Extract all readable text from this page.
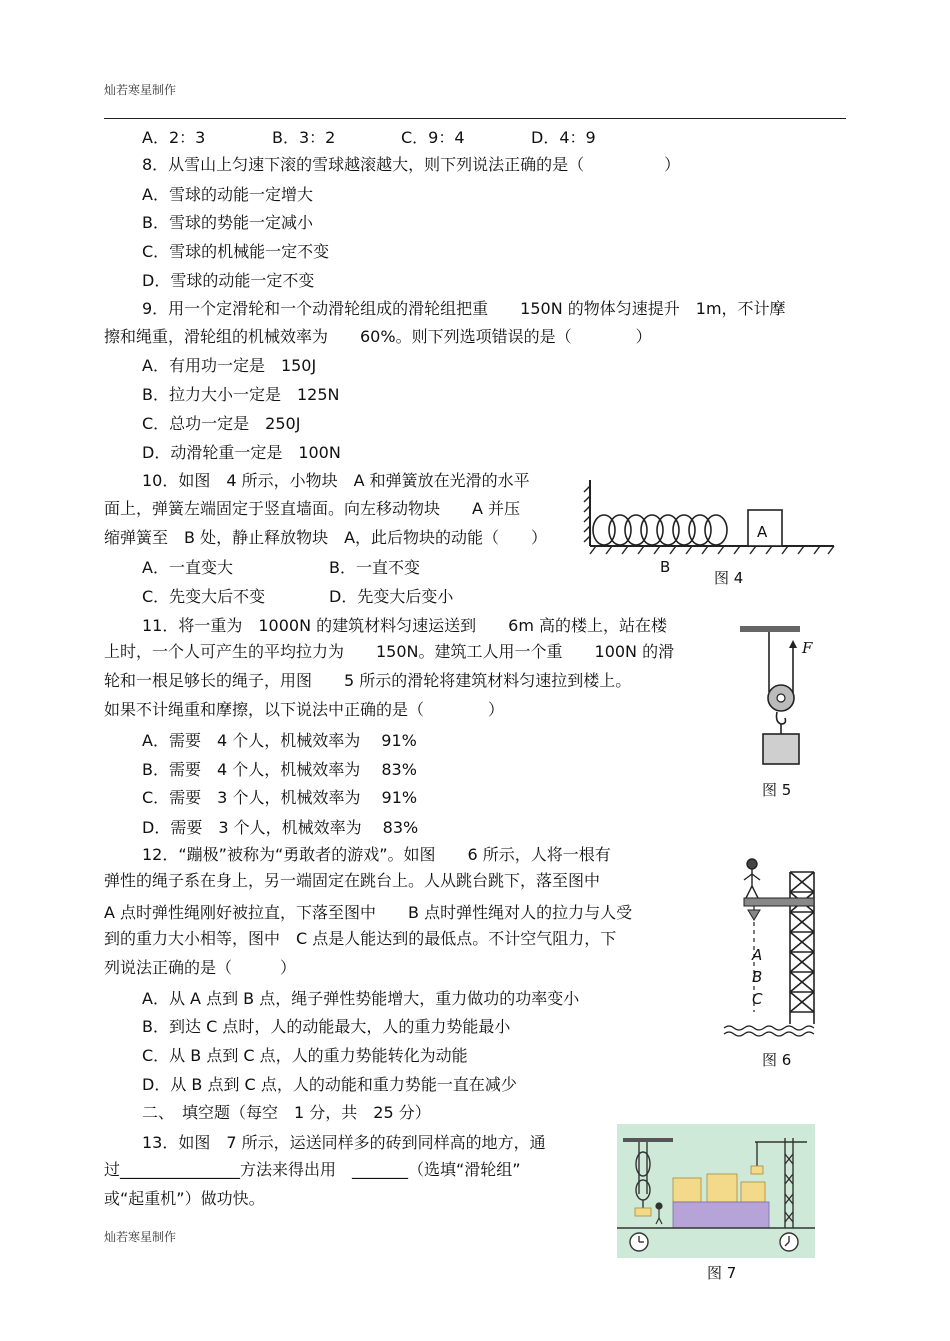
灿若寒星制作
A．2：3	B．3：2	C．9：4	D．4：9
8．从雪山上匀速下滚的雪球越滚越大，则下列说法正确的是（　　　　　）
A．雪球的动能一定增大
B．雪球的势能一定减小
C．雪球的机械能一定不变
D．雪球的动能一定不变
9．用一个定滑轮和一个动滑轮组成的滑轮组把重　　150N 的物体匀速提升　1m，不计摩
擦和绳重，滑轮组的机械效率为　　60%。则下列选项错误的是（　　　　）
A．有用功一定是　150J
B．拉力大小一定是　125N
C．总功一定是　250J
D．动滑轮重一定是　100N
10．如图　4 所示，小物块　A 和弹簧放在光滑的水平
面上，弹簧左端固定于竖直墙面。向左移动物块　　A 并压
缩弹簧至　B 处，静止释放物块　A，此后物块的动能（　　）
A．一直变大	B．一直不变
C．先变大后不变	D．先变大后变小
A
B
图 4
11．将一重为　1000N 的建筑材料匀速运送到　　6m 高的楼上，站在楼
上时，一个人可产生的平均拉力为　　150N。建筑工人用一个重　　100N 的滑
轮和一根足够长的绳子，用图　　5 所示的滑轮将建筑材料匀速拉到楼上。
如果不计绳重和摩擦，以下说法中正确的是（　　　　）
A．需要　4 个人，机械效率为　 91%
B．需要　4 个人，机械效率为　 83%
C．需要　3 个人，机械效率为　 91%
D．需要　3 个人，机械效率为　 83%
F
图 5
12．“蹦极”被称为“勇敢者的游戏”。如图　　6 所示，人将一根有
弹性的绳子系在身上，另一端固定在跳台上。人从跳台跳下，落至图中
A 点时弹性绳刚好被拉直，下落至图中　　B 点时弹性绳对人的拉力与人受
到的重力大小相等，图中　C 点是人能达到的最低点。不计空气阻力，下
列说法正确的是（　　　）
A．从 A 点到 B 点，绳子弹性势能增大，重力做功的功率变小
B．到达 C 点时，人的动能最大，人的重力势能最小
C．从 B 点到 C 点，人的重力势能转化为动能
D．从 B 点到 C 点，人的动能和重力势能一直在减少
A
B
C
图 6
二、　填空题（每空　1 分，共　25 分）
13．如图　7 所示，运送同样多的砖到同样高的地方，通
过_______________方法来得出用　_______（选填“滑轮组”
或“起重机”）做功快。
图 7
灿若寒星制作
